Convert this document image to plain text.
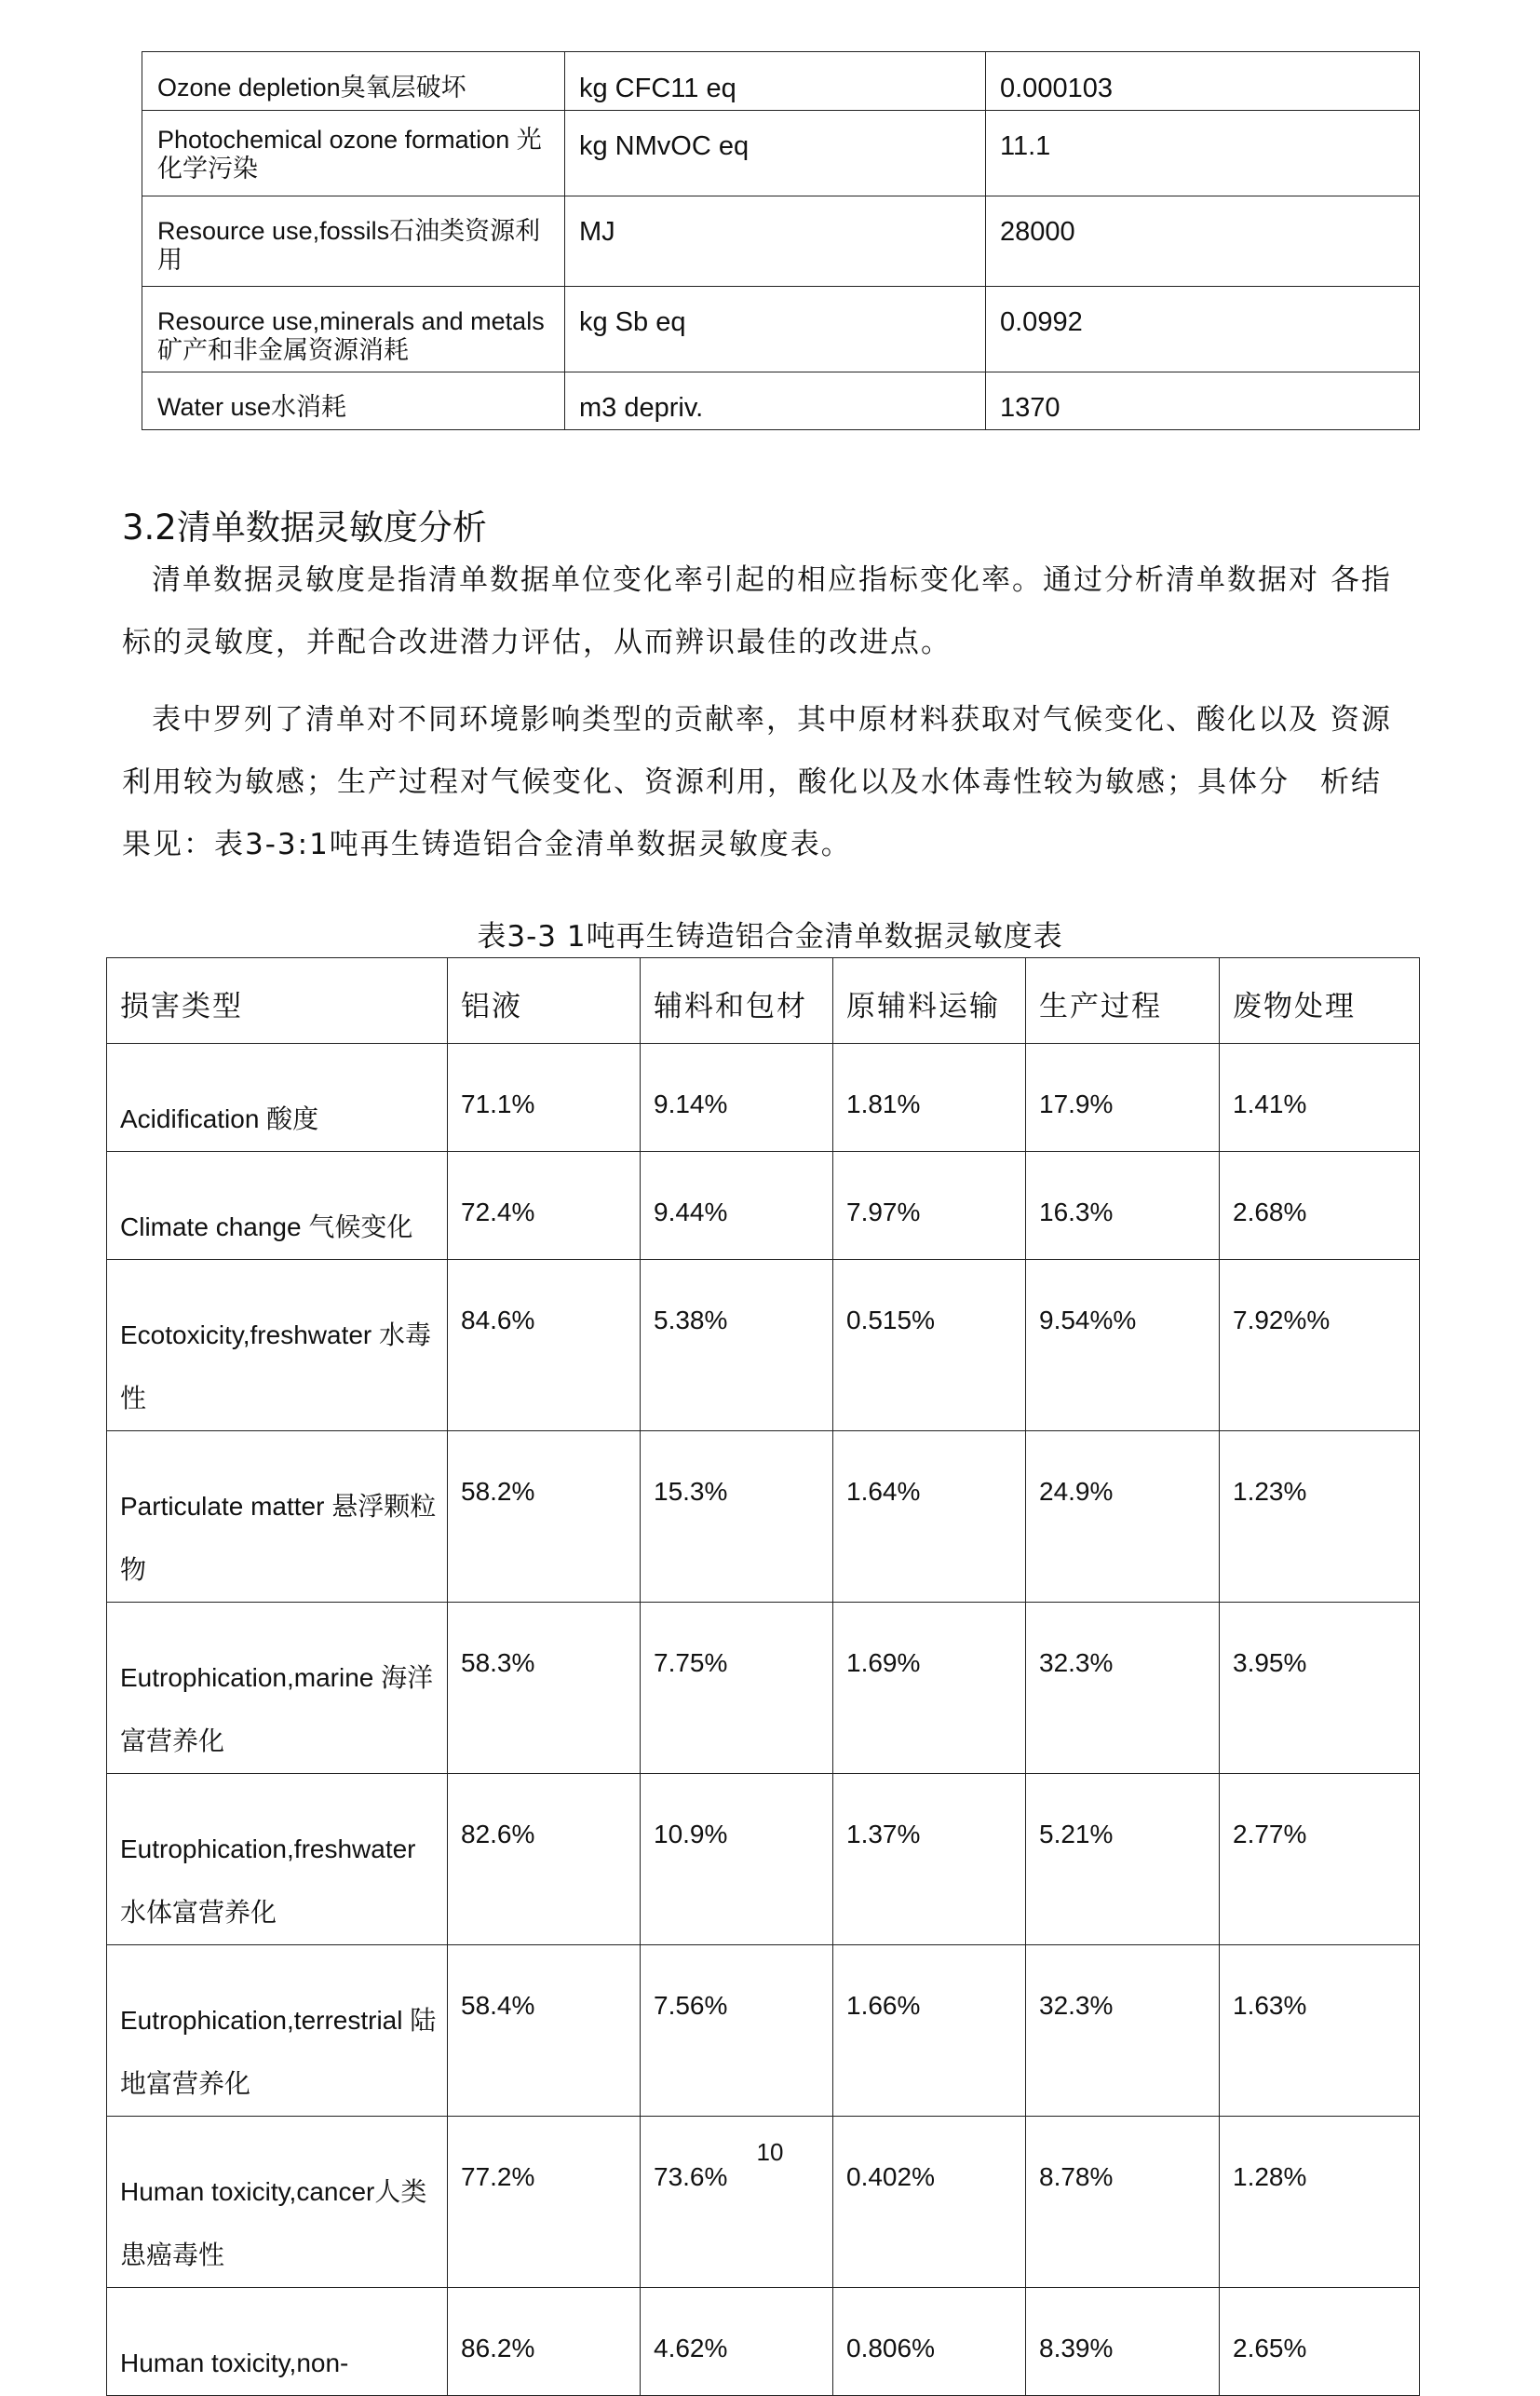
Ozone depletion臭氧层破坏	kg CFC11 eq	0.000103
Photochemical ozone formation 光化学污染	kg NMvOC eq	11.1
Resource use,fossils石油类资源利用	MJ	28000
Resource use,minerals and metals矿产和非金属资源消耗	kg Sb eq	0.0992
Water use水消耗	m3 depriv.	1370
3.2清单数据灵敏度分析

清单数据灵敏度是指清单数据单位变化率引起的相应指标变化率。通过分析清单数据对 各指标的灵敏度，并配合改进潜力评估，从而辨识最佳的改进点。

表中罗列了清单对不同环境影响类型的贡献率，其中原材料获取对气候变化、酸化以及 资源利用较为敏感；生产过程对气候变化、资源利用，酸化以及水体毒性较为敏感；具体分　析结果见：表3-3:1吨再生铸造铝合金清单数据灵敏度表。

表3-3 1吨再生铸造铝合金清单数据灵敏度表

损害类型	铝液	辅料和包材	原辅料运输	生产过程	废物处理
Acidification 酸度	71.1%	9.14%	1.81%	17.9%	1.41%
Climate change 气候变化	72.4%	9.44%	7.97%	16.3%	2.68%
Ecotoxicity,freshwater 水毒性	84.6%	5.38%	0.515%	9.54%%	7.92%%
Particulate matter 悬浮颗粒物	58.2%	15.3%	1.64%	24.9%	1.23%
Eutrophication,marine 海洋富营养化	58.3%	7.75%	1.69%	32.3%	3.95%
Eutrophication,freshwater 水体富营养化	82.6%	10.9%	1.37%	5.21%	2.77%
Eutrophication,terrestrial 陆地富营养化	58.4%	7.56%	1.66%	32.3%	1.63%
Human toxicity,cancer人类患癌毒性	77.2%	73.6%	0.402%	8.78%	1.28%
Human toxicity,non-	86.2%	4.62%	0.806%	8.39%	2.65%

10
